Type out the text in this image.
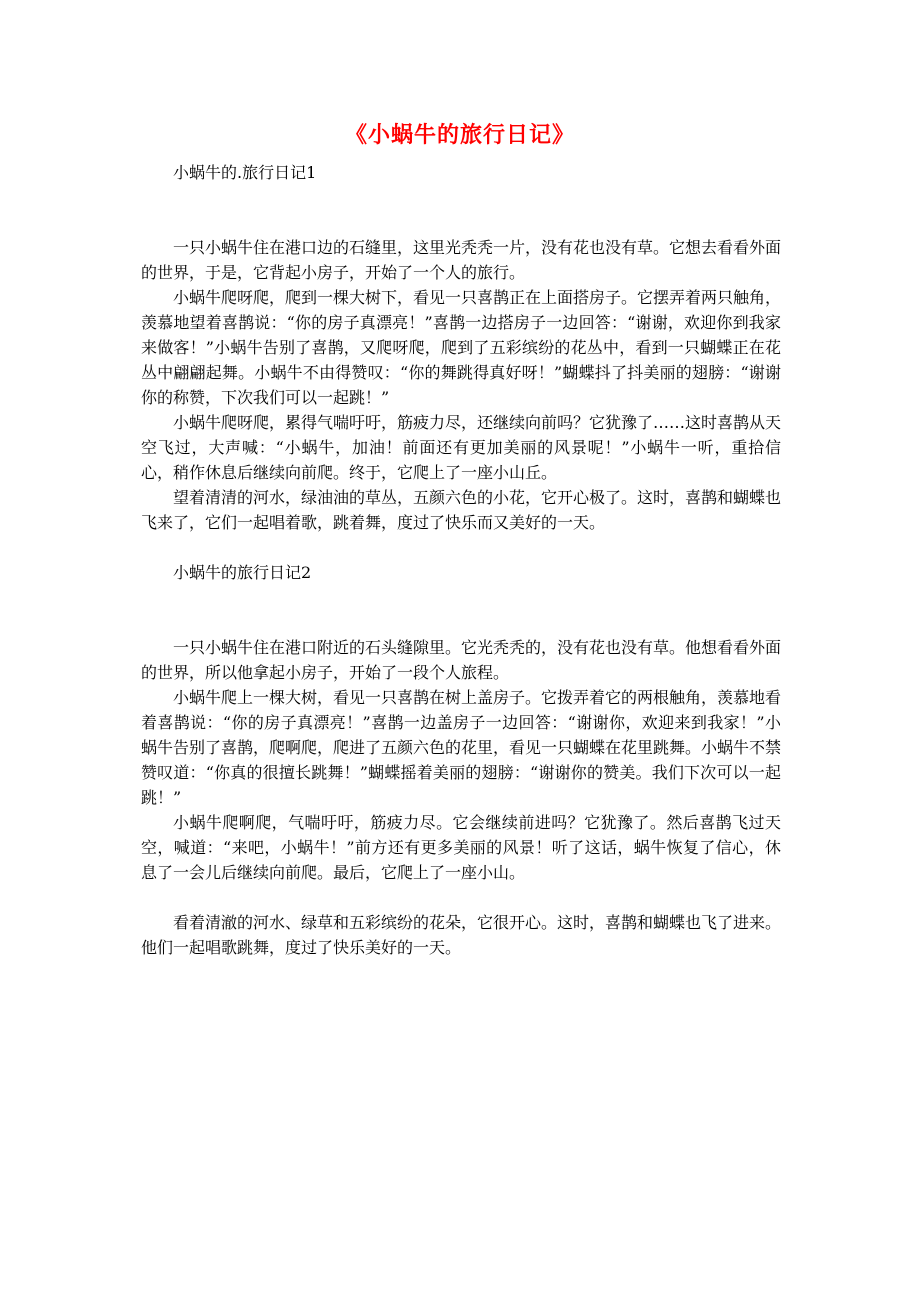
《小蜗牛的旅行日记》

小蜗牛的.旅行日记1

一只小蜗牛住在港口边的石缝里，这里光秃秃一片，没有花也没有草。它想去看看外面的世界，于是，它背起小房子，开始了一个人的旅行。

小蜗牛爬呀爬，爬到一棵大树下，看见一只喜鹊正在上面搭房子。它摆弄着两只触角，羡慕地望着喜鹊说：“你的房子真漂亮！”喜鹊一边搭房子一边回答：“谢谢，欢迎你到我家来做客！”小蜗牛告别了喜鹊，又爬呀爬，爬到了五彩缤纷的花丛中，看到一只蝴蝶正在花丛中翩翩起舞。小蜗牛不由得赞叹：“你的舞跳得真好呀！”蝴蝶抖了抖美丽的翅膀：“谢谢你的称赞，下次我们可以一起跳！”

小蜗牛爬呀爬，累得气喘吁吁，筋疲力尽，还继续向前吗？它犹豫了……这时喜鹊从天空飞过，大声喊：“小蜗牛，加油！前面还有更加美丽的风景呢！”小蜗牛一听，重拾信心，稍作休息后继续向前爬。终于，它爬上了一座小山丘。

望着清清的河水，绿油油的草丛，五颜六色的小花，它开心极了。这时，喜鹊和蝴蝶也飞来了，它们一起唱着歌，跳着舞，度过了快乐而又美好的一天。

小蜗牛的旅行日记2

一只小蜗牛住在港口附近的石头缝隙里。它光秃秃的，没有花也没有草。他想看看外面的世界，所以他拿起小房子，开始了一段个人旅程。

小蜗牛爬上一棵大树，看见一只喜鹊在树上盖房子。它拨弄着它的两根触角，羡慕地看着喜鹊说：“你的房子真漂亮！”喜鹊一边盖房子一边回答：“谢谢你，欢迎来到我家！”小蜗牛告别了喜鹊，爬啊爬，爬进了五颜六色的花里，看见一只蝴蝶在花里跳舞。小蜗牛不禁赞叹道：“你真的很擅长跳舞！”蝴蝶摇着美丽的翅膀：“谢谢你的赞美。我们下次可以一起跳！”

小蜗牛爬啊爬，气喘吁吁，筋疲力尽。它会继续前进吗？它犹豫了。然后喜鹊飞过天空，喊道：“来吧，小蜗牛！”前方还有更多美丽的风景！听了这话，蜗牛恢复了信心，休息了一会儿后继续向前爬。最后，它爬上了一座小山。

看着清澈的河水、绿草和五彩缤纷的花朵，它很开心。这时，喜鹊和蝴蝶也飞了进来。他们一起唱歌跳舞，度过了快乐美好的一天。
